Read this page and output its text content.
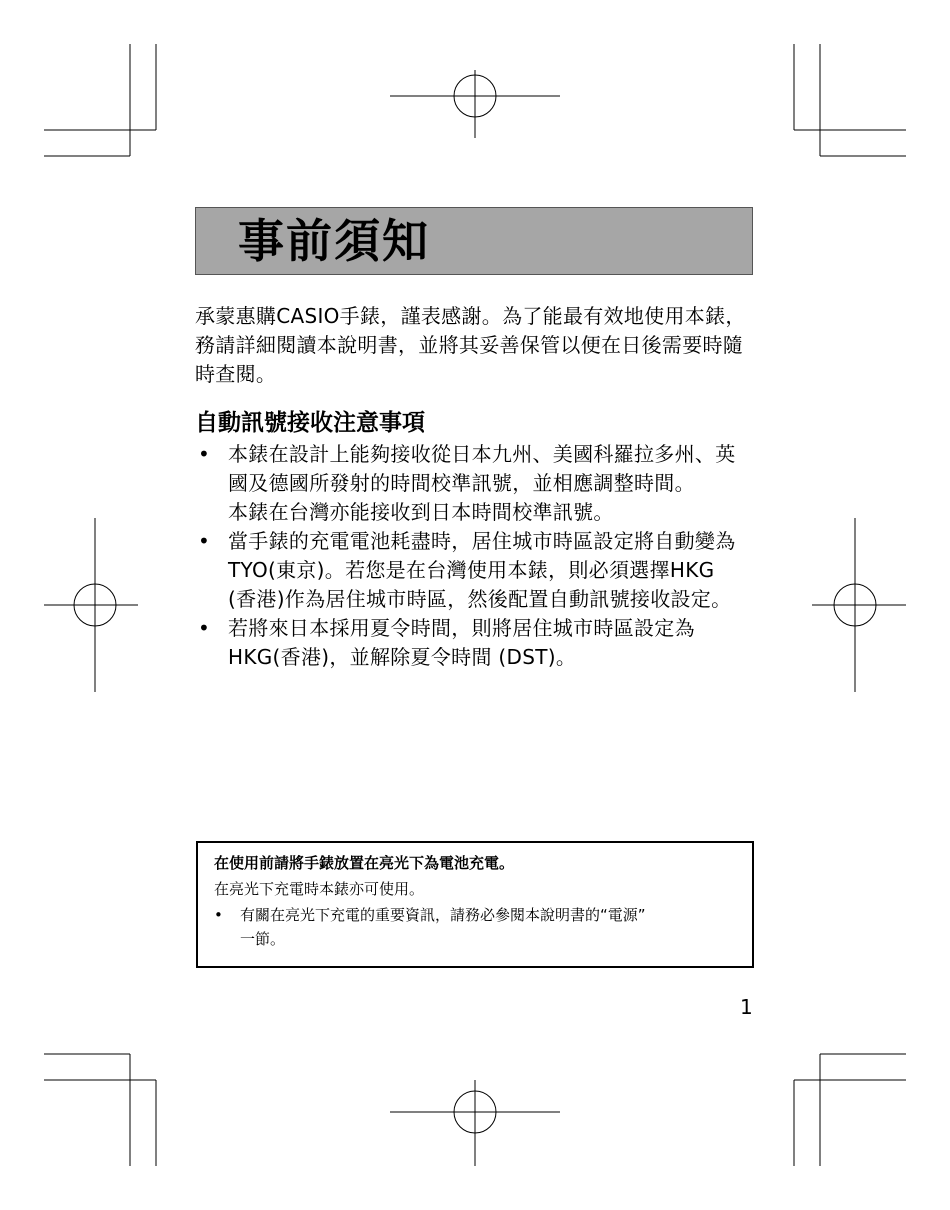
事前須知

承蒙惠購CASIO手錶，謹表感謝。為了能最有效地使用本錶，務請詳細閱讀本說明書，並將其妥善保管以便在日後需要時隨時查閱。

自動訊號接收注意事項
• 本錶在設計上能夠接收從日本九州、美國科羅拉多州、英
國及德國所發射的時間校準訊號，並相應調整時間。
本錶在台灣亦能接收到日本時間校準訊號。
• 當手錶的充電電池耗盡時，居住城市時區設定將自動變為
TYO(東京)。若您是在台灣使用本錶，則必須選擇HKG
(香港)作為居住城市時區，然後配置自動訊號接收設定。
• 若將來日本採用夏令時間，則將居住城市時區設定為
HKG(香港)，並解除夏令時間 (DST)。
在使用前請將手錶放置在亮光下為電池充電。
在亮光下充電時本錶亦可使用。
• 有關在亮光下充電的重要資訊，請務必參閱本說明書的“電源”
一節。
1
